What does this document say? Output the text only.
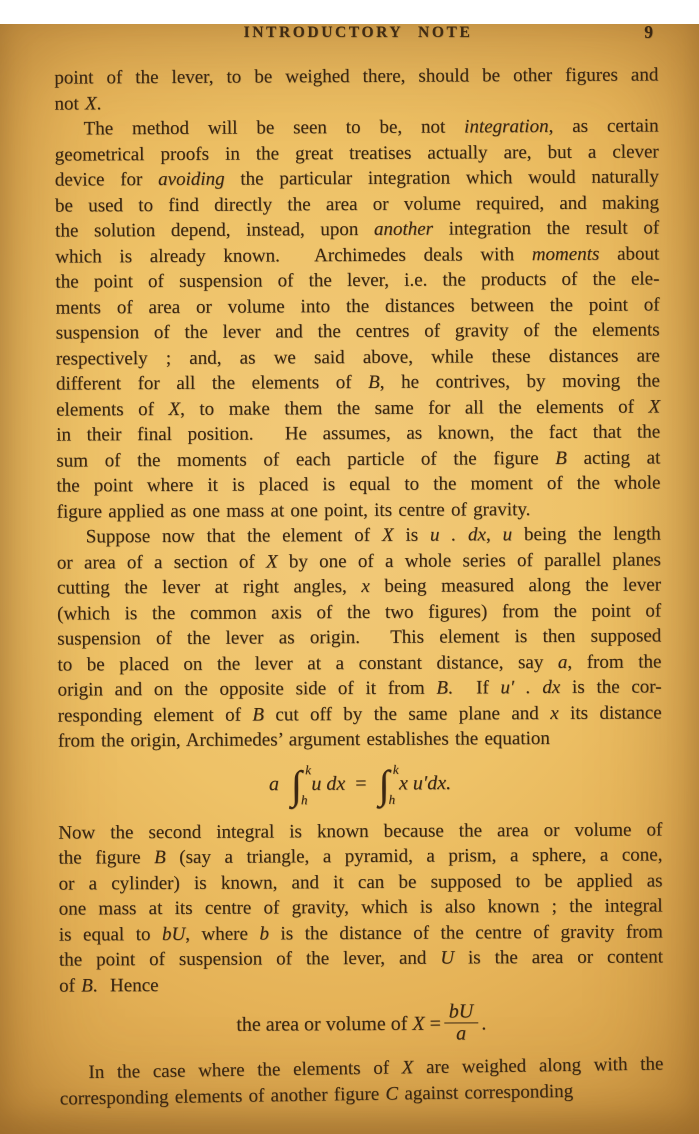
INTRODUCTORY NOTE	9
point of the lever, to be weighed there, should be other figures and
not X.
The method will be seen to be, not integration, as certain
geometrical proofs in the great treatises actually are, but a clever
device for avoiding the particular integration which would naturally
be used to find directly the area or volume required, and making
the solution depend, instead, upon another integration the result of
which is already known.  Archimedes deals with moments about
the point of suspension of the lever, i.e. the products of the ele-
ments of area or volume into the distances between the point of
suspension of the lever and the centres of gravity of the elements
respectively ; and, as we said above, while these distances are
different for all the elements of B, he contrives, by moving the
elements of X, to make them the same for all the elements of X
in their final position.  He assumes, as known, the fact that the
sum of the moments of each particle of the figure B acting at
the point where it is placed is equal to the moment of the whole
figure applied as one mass at one point, its centre of gravity.
Suppose now that the element of X is u . dx, u being the length
or area of a section of X by one of a whole series of parallel planes
cutting the lever at right angles, x being measured along the lever
(which is the common axis of the two figures) from the point of
suspension of the lever as origin.  This element is then supposed
to be placed on the lever at a constant distance, say a, from the
origin and on the opposite side of it from B.  If u′ . dx is the cor-
responding element of B cut off by the same plane and x its distance
from the origin, Archimedes’ argument establishes the equation
a ∫ k
h
u dx = ∫ k
h
x u′dx.
Now the second integral is known because the area or volume of
the figure B (say a triangle, a pyramid, a prism, a sphere, a cone,
or a cylinder) is known, and it can be supposed to be applied as
one mass at its centre of gravity, which is also known ; the integral
is equal to bU, where b is the distance of the centre of gravity from
the point of suspension of the lever, and U is the area or content
of B.  Hence
the area or volume of $X = \frac{bU}{a}$ .
In the case where the elements of X are weighed along with the
corresponding elements of another figure C against corresponding
